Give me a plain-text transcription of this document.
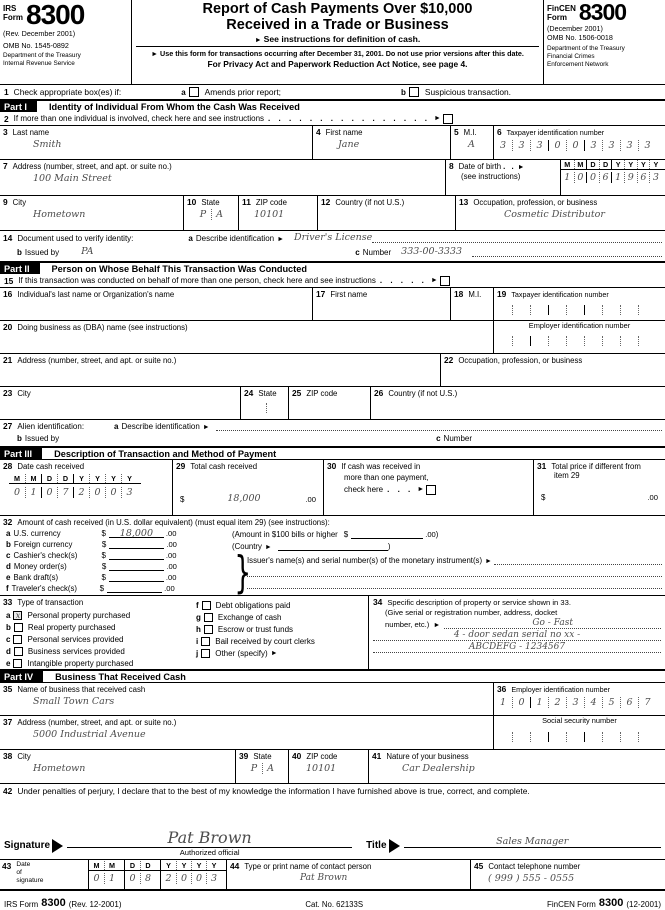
IRS
Form 8300
(Rev. December 2001)
OMB No. 1545-0892
Department of the Treasury
Internal Revenue Service
Report of Cash Payments Over $10,000
Received in a Trade or Business
► See instructions for definition of cash.
► Use this form for transactions occurring after December 31, 2001. Do not use prior versions after this date.
For Privacy Act and Paperwork Reduction Act Notice, see page 4.
FinCEN
Form 8300
(December 2001)
OMB No. 1506-0018
Department of the Treasury
Financial Crimes
Enforcement Network
1 Check appropriate box(es) if:	a Amends prior report;	b Suspicious transaction.
Part I	Identity of Individual From Whom the Cash Was Received
2 If more than one individual is involved, check here and see instructions . . . . . . . . . . . . . . . . ►
3 Last name
Smith
4 First name
Jane
5 M.I.
A
6 Taxpayer identification number
3	3	3	0	0	3	3	3	3
7 Address (number, street, and apt. or suite no.)
100 Main Street
8 Date of birth . . ►
(see instructions)
M M D	D	Y	Y	Y	Y
1 0 0 6 1 9 6 3
9 City
Hometown
10 State
P	A
11 ZIP code
10101
12 Country (if not U.S.)	13 Occupation, profession, or business
Cosmetic Distributor
14 Document used to verify identity:	a Describe identification ► Driver's License
b Issued by PA	c Number 333-00-3333
Part II	Person on Whose Behalf This Transaction Was Conducted
15 If this transaction was conducted on behalf of more than one person, check here and see instructions . . . . . ►
16 Individual's last name or Organization's name	17 First name	18 M.I. 19 Taxpayer identification number
20 Doing business as (DBA) name (see instructions)	Employer identification number
21 Address (number, street, and apt. or suite no.)	22 Occupation, profession, or business
23 City	24 State 25 ZIP code	26 Country (if not U.S.)
27 Alien identification:	a Describe identification ►
b Issued by	c Number
Part III	Description of Transaction and Method of Payment
28 Date cash received
M	M	D	D	Y	Y	Y	Y
0	1	0	7	2	0	0	3
29 Total cash received
$	18,000	.00
30 If cash was received in
more than one payment,
check here . . . ►
31 Total price if different from
item 29
$	.00
32 Amount of cash received (in U.S. dollar equivalent) (must equal item 29) (see instructions):
a U.S. currency	$	18,000	.00
b Foreign currency	$	.00
c Cashier's check(s)	$	.00
d Money order(s)	$	.00
e Bank draft(s)	$	.00
f Traveler's check(s)	$	.00
(Amount in $100 bills or higher $	.00 )
(Country ►	)
}
Issuer's name(s) and serial number(s) of the monetary instrument(s) ►
33 Type of transaction
a x Personal property purchased
b Real property purchased
c Personal services provided
d Business services provided
e Intangible property purchased
f Debt obligations paid
g Exchange of cash
h Escrow or trust funds
i Bail received by court clerks
j Other (specify) ►
34 Specific description of property or service shown in 33.
(Give serial or registration number, address, docket
number, etc.) ►	Go - Fast
4 - door sedan serial no xx -
ABCDEFG - 1234567
Part IV	Business That Received Cash
35 Name of business that received cash
Small Town Cars
36 Employer identification number
1	0	1	2	3	4	5	6	7
37 Address (number, street, and apt. or suite no.)
5000 Industrial Avenue
Social security number
38 City
Hometown
39 State
P	A
40 ZIP code
10101
41 Nature of your business
Car Dealership
42 Under penalties of perjury, I declare that to the best of my knowledge the information I have furnished above is true, correct, and complete.
Signature	Pat Brown
Authorized official
Title	Sales Manager
43 Date
of
signature
M	M
0 1
D	D
0 8
Y	Y	Y	Y
2 0 0 3
44 Type or print name of contact person
Pat Brown
45 Contact telephone number
( 999 ) 555 - 0555
IRS Form 8300 (Rev. 12-2001)	Cat. No. 62133S	FinCEN Form 8300 (12-2001)
